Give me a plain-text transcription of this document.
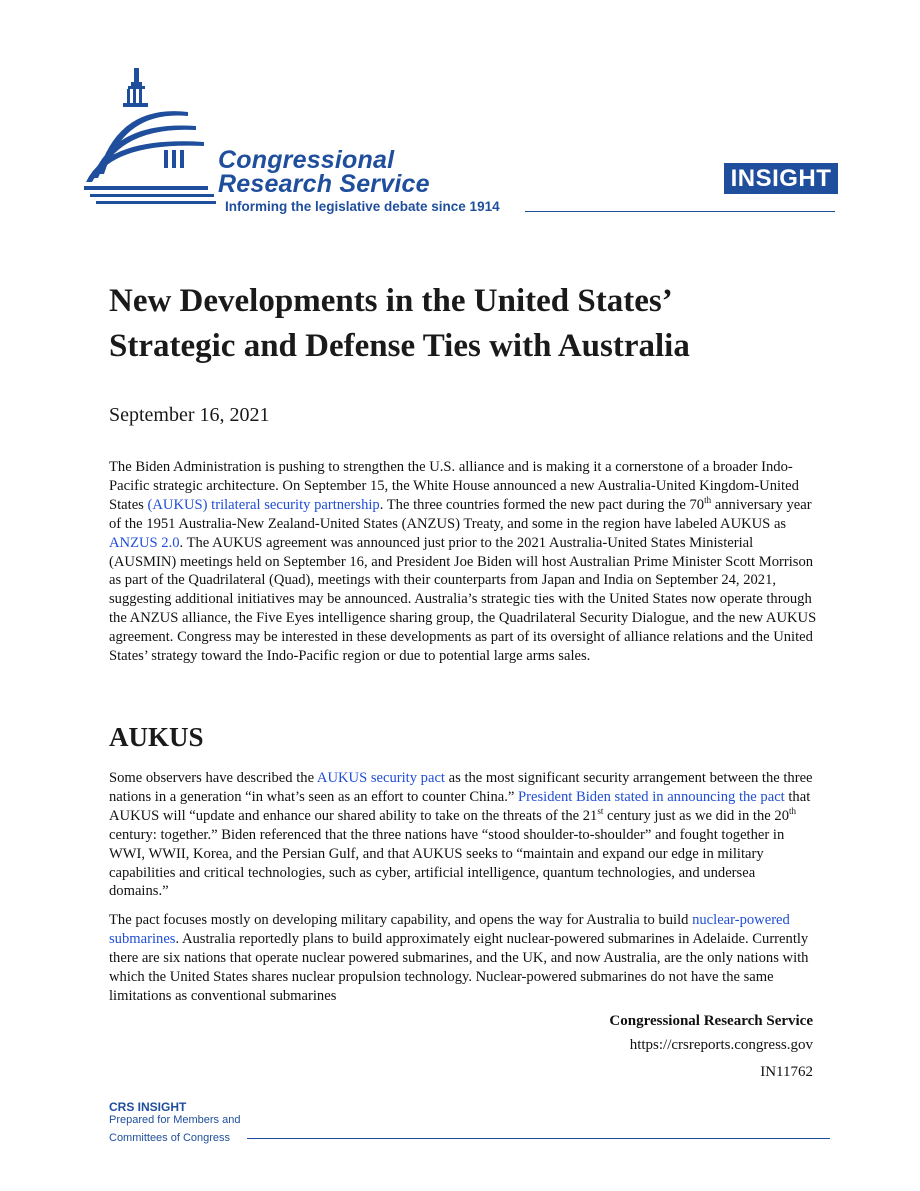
Congressional
Research Service
Informing the legislative debate since 1914
INSIGHT
New Developments in the United States’
Strategic and Defense Ties with Australia
September 16, 2021
The Biden Administration is pushing to strengthen the U.S. alliance and is making it a cornerstone of a broader Indo-Pacific strategic architecture. On September 15, the White House announced a new Australia-United Kingdom-United States (AUKUS) trilateral security partnership. The three countries formed the new pact during the 70th anniversary year of the 1951 Australia-New Zealand-United States (ANZUS) Treaty, and some in the region have labeled AUKUS as ANZUS 2.0. The AUKUS agreement was announced just prior to the 2021 Australia-United States Ministerial (AUSMIN) meetings held on September 16, and President Joe Biden will host Australian Prime Minister Scott Morrison as part of the Quadrilateral (Quad), meetings with their counterparts from Japan and India on September 24, 2021, suggesting additional initiatives may be announced. Australia’s strategic ties with the United States now operate through the ANZUS alliance, the Five Eyes intelligence sharing group, the Quadrilateral Security Dialogue, and the new AUKUS agreement. Congress may be interested in these developments as part of its oversight of alliance relations and the United States’ strategy toward the Indo-Pacific region or due to potential large arms sales.
AUKUS
Some observers have described the AUKUS security pact as the most significant security arrangement between the three nations in a generation “in what’s seen as an effort to counter China.” President Biden stated in announcing the pact that AUKUS will “update and enhance our shared ability to take on the threats of the 21st century just as we did in the 20th century: together.” Biden referenced that the three nations have “stood shoulder-to-shoulder” and fought together in WWI, WWII, Korea, and the Persian Gulf, and that AUKUS seeks to “maintain and expand our edge in military capabilities and critical technologies, such as cyber, artificial intelligence, quantum technologies, and undersea domains.”
The pact focuses mostly on developing military capability, and opens the way for Australia to build nuclear-powered submarines. Australia reportedly plans to build approximately eight nuclear-powered submarines in Adelaide. Currently there are six nations that operate nuclear powered submarines, and the UK, and now Australia, are the only nations with which the United States shares nuclear propulsion technology. Nuclear-powered submarines do not have the same limitations as conventional submarines
Congressional Research Service
https://crsreports.congress.gov
IN11762
CRS INSIGHT
Prepared for Members and
Committees of Congress
